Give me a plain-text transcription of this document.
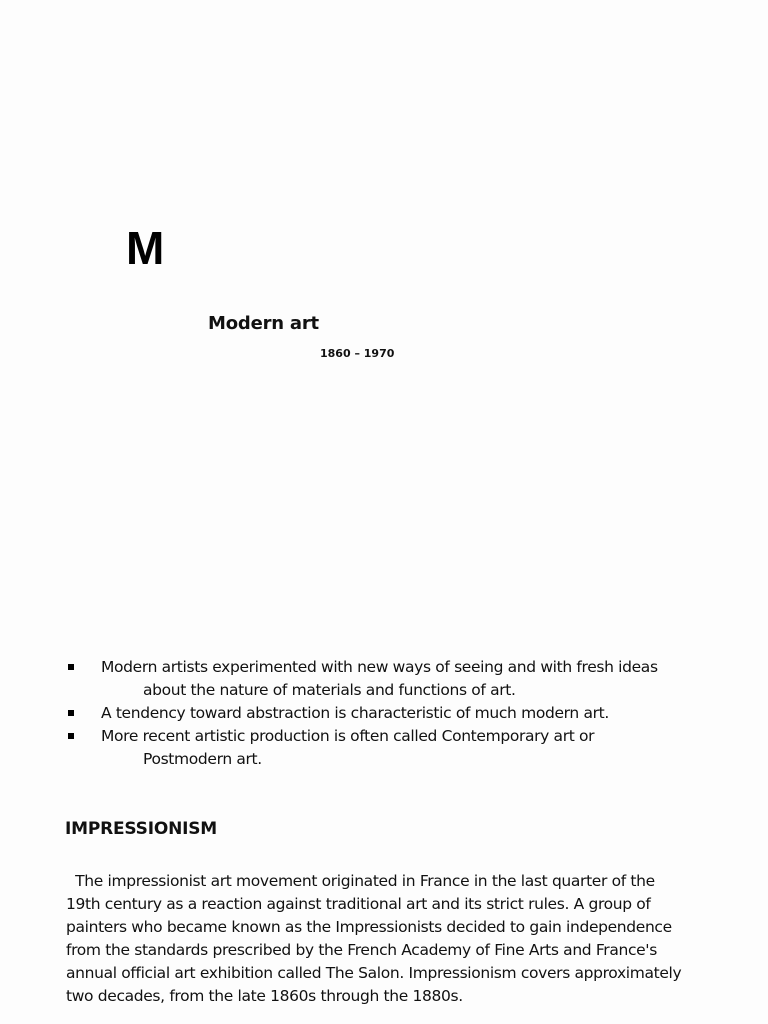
M
Modern art
1860 – 1970
Modern artists experimented with new ways of seeing and with fresh ideas
about the nature of materials and functions of art.
A tendency toward abstraction is characteristic of much modern art.
More recent artistic production is often called Contemporary art or
Postmodern art.
IMPRESSIONISM

The impressionist art movement originated in France in the last quarter of the
19th century as a reaction against traditional art and its strict rules. A group of
painters who became known as the Impressionists decided to gain independence
from the standards prescribed by the French Academy of Fine Arts and France's
annual official art exhibition called The Salon. Impressionism covers approximately
two decades, from the late 1860s through the 1880s.
